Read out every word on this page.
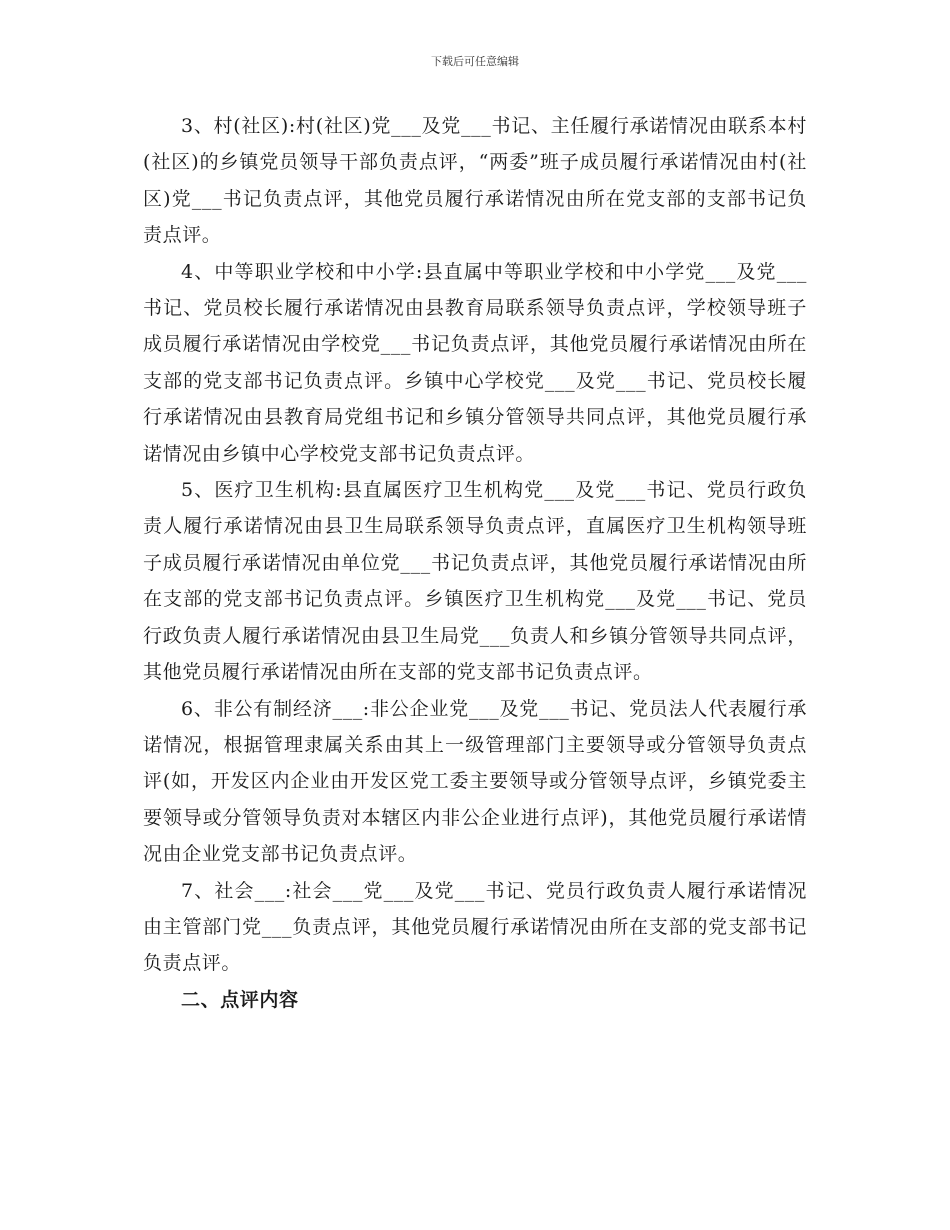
下载后可任意编辑

3、村(社区):村(社区)党___及党___书记、主任履行承诺情况由联系本村(社区)的乡镇党员领导干部负责点评，“两委”班子成员履行承诺情况由村(社区)党___书记负责点评，其他党员履行承诺情况由所在党支部的支部书记负责点评。

4、中等职业学校和中小学:县直属中等职业学校和中小学党___及党___书记、党员校长履行承诺情况由县教育局联系领导负责点评，学校领导班子成员履行承诺情况由学校党___书记负责点评，其他党员履行承诺情况由所在支部的党支部书记负责点评。乡镇中心学校党___及党___书记、党员校长履行承诺情况由县教育局党组书记和乡镇分管领导共同点评，其他党员履行承诺情况由乡镇中心学校党支部书记负责点评。

5、医疗卫生机构:县直属医疗卫生机构党___及党___书记、党员行政负责人履行承诺情况由县卫生局联系领导负责点评，直属医疗卫生机构领导班子成员履行承诺情况由单位党___书记负责点评，其他党员履行承诺情况由所在支部的党支部书记负责点评。乡镇医疗卫生机构党___及党___书记、党员行政负责人履行承诺情况由县卫生局党___负责人和乡镇分管领导共同点评，其他党员履行承诺情况由所在支部的党支部书记负责点评。

6、非公有制经济___:非公企业党___及党___书记、党员法人代表履行承诺情况，根据管理隶属关系由其上一级管理部门主要领导或分管领导负责点评(如，开发区内企业由开发区党工委主要领导或分管领导点评，乡镇党委主要领导或分管领导负责对本辖区内非公企业进行点评)，其他党员履行承诺情况由企业党支部书记负责点评。

7、社会___:社会___党___及党___书记、党员行政负责人履行承诺情况由主管部门党___负责点评，其他党员履行承诺情况由所在支部的党支部书记负责点评。

二、点评内容
